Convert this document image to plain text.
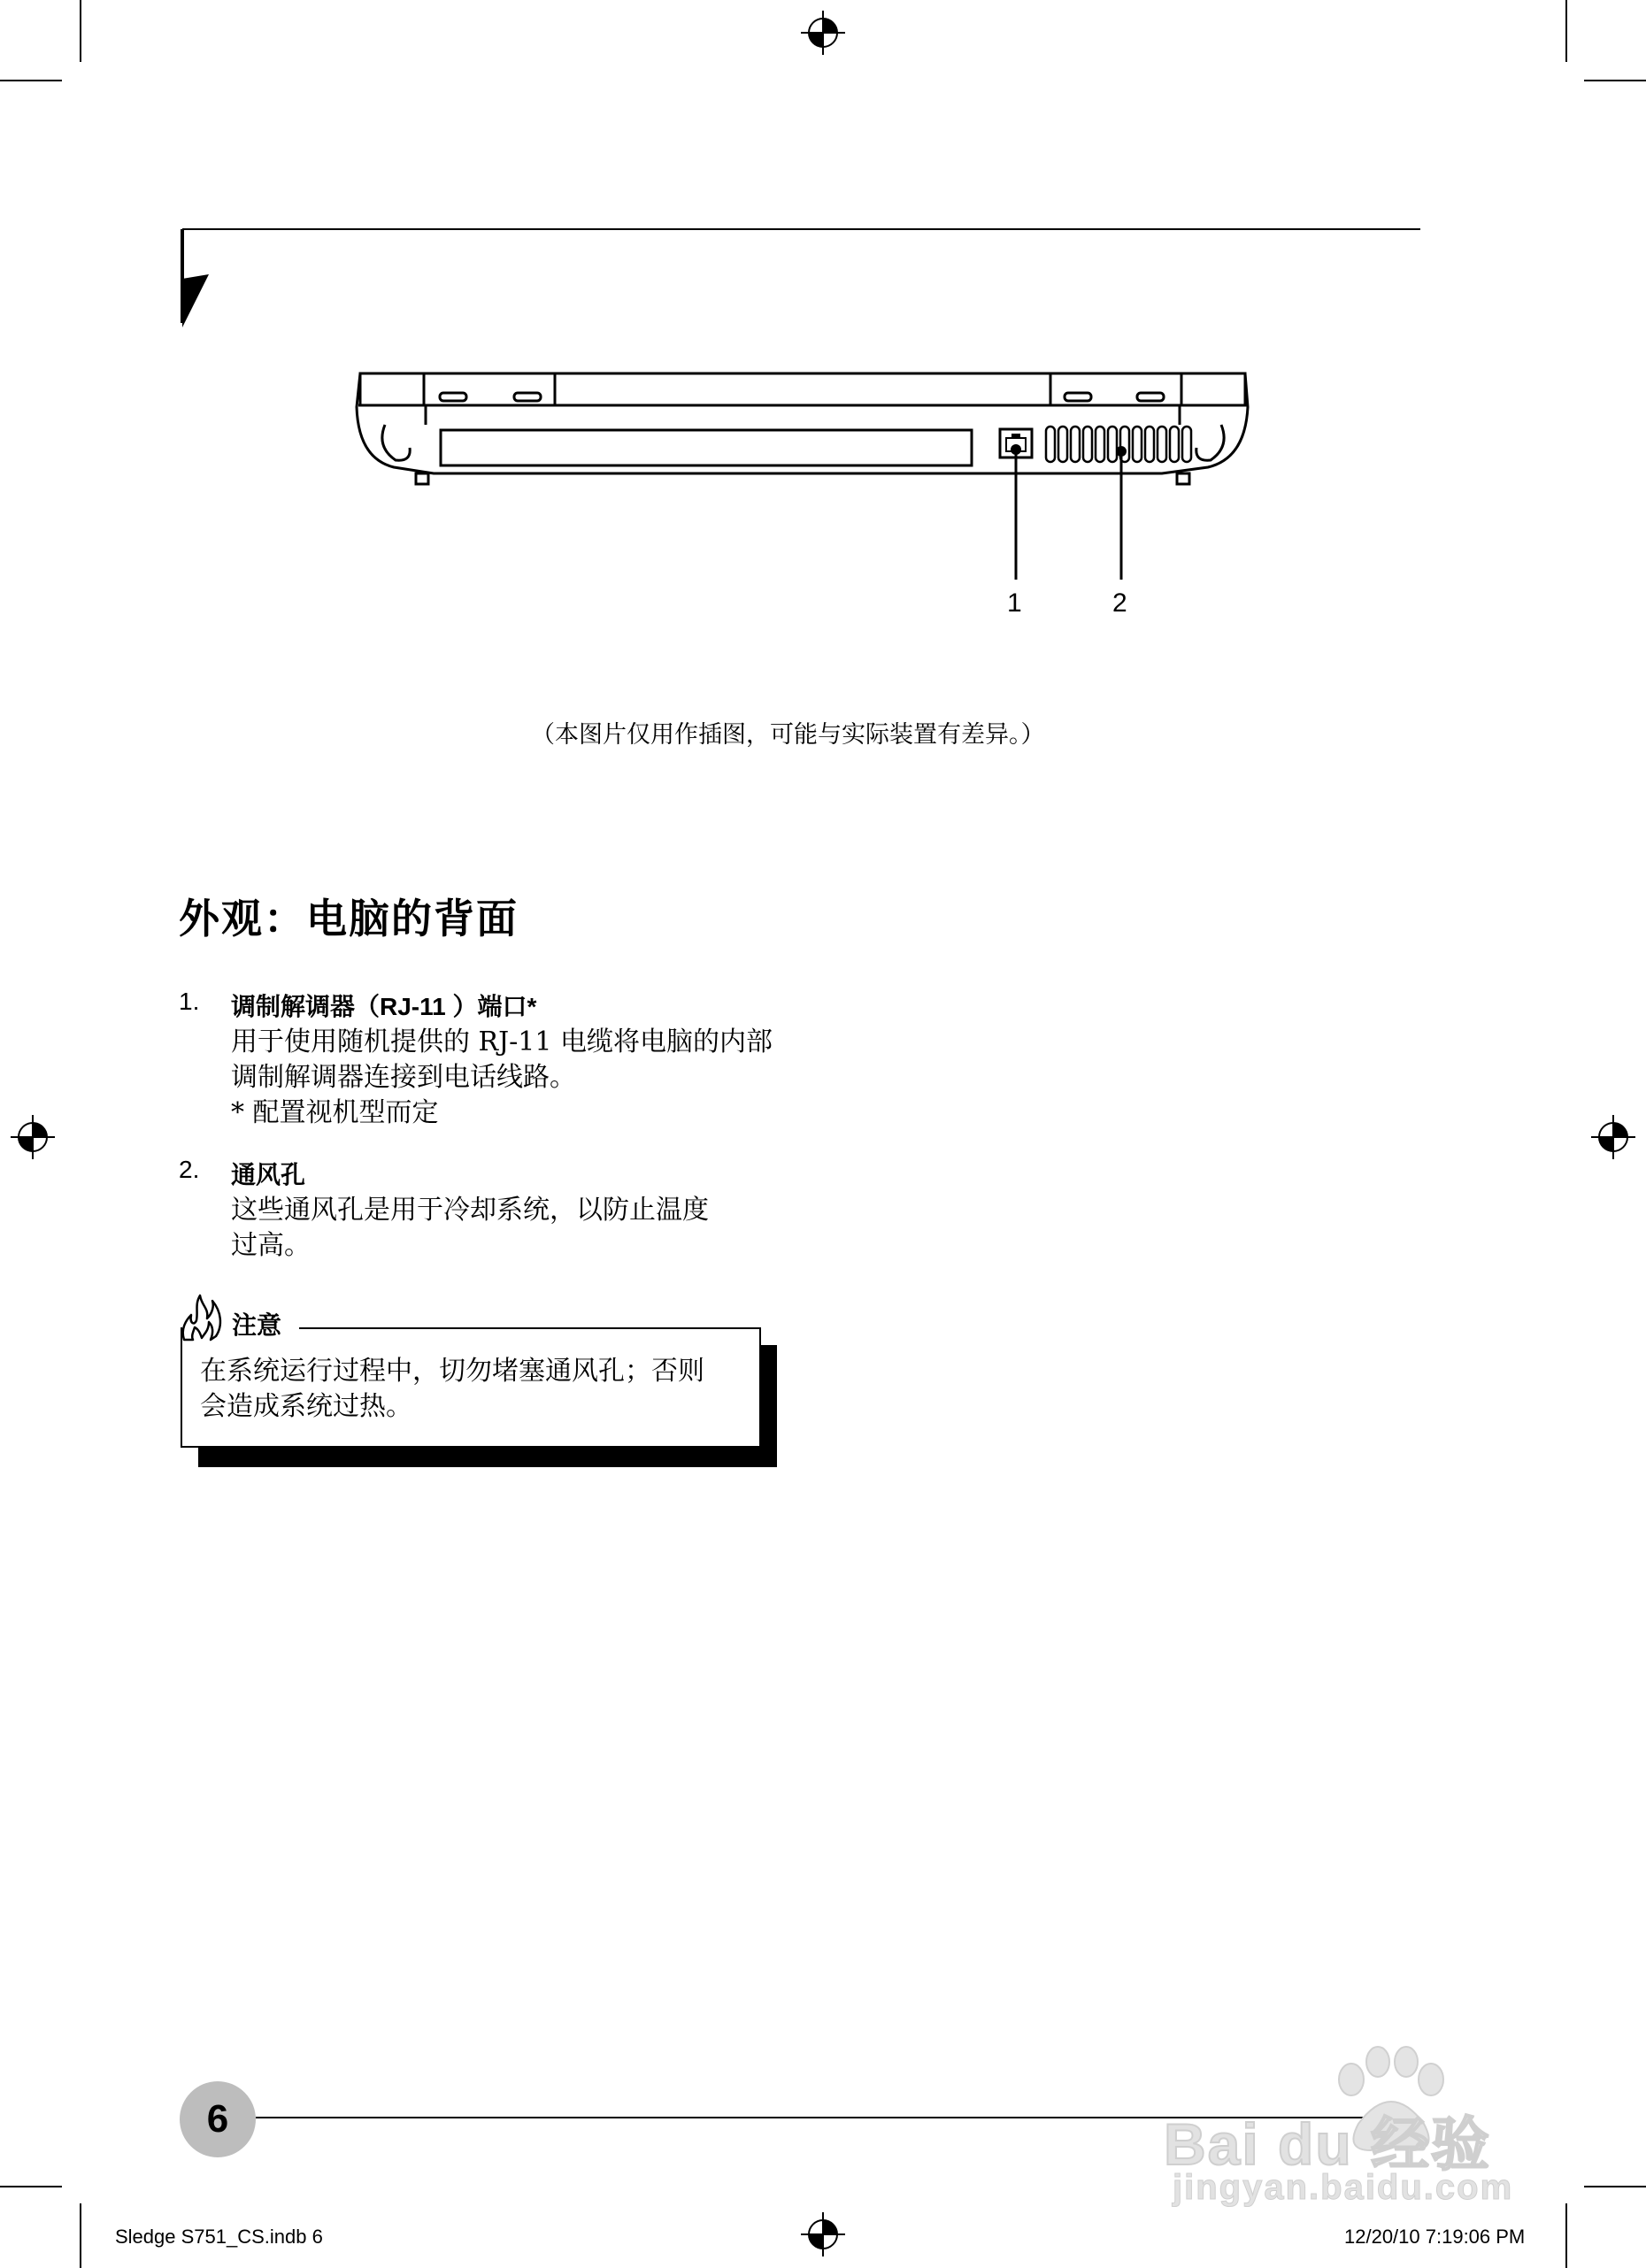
1	2
（本图片仅用作插图，可能与实际装置有差异。）
外观：电脑的背面
1. 调制解调器（RJ-11 ）端口*
用于使用随机提供的 RJ-11 电缆将电脑的内部
调制解调器连接到电话线路。
* 配置视机型而定
2. 通风孔
这些通风孔是用于冷却系统，以防止温度
过高。
注意
在系统运行过程中，切勿堵塞通风孔；否则
会造成系统过热。
6
Sledge S751_CS.indb 6	12/20/10 7:19:06 PM
Bai du 经验
jingyan.baidu.com
